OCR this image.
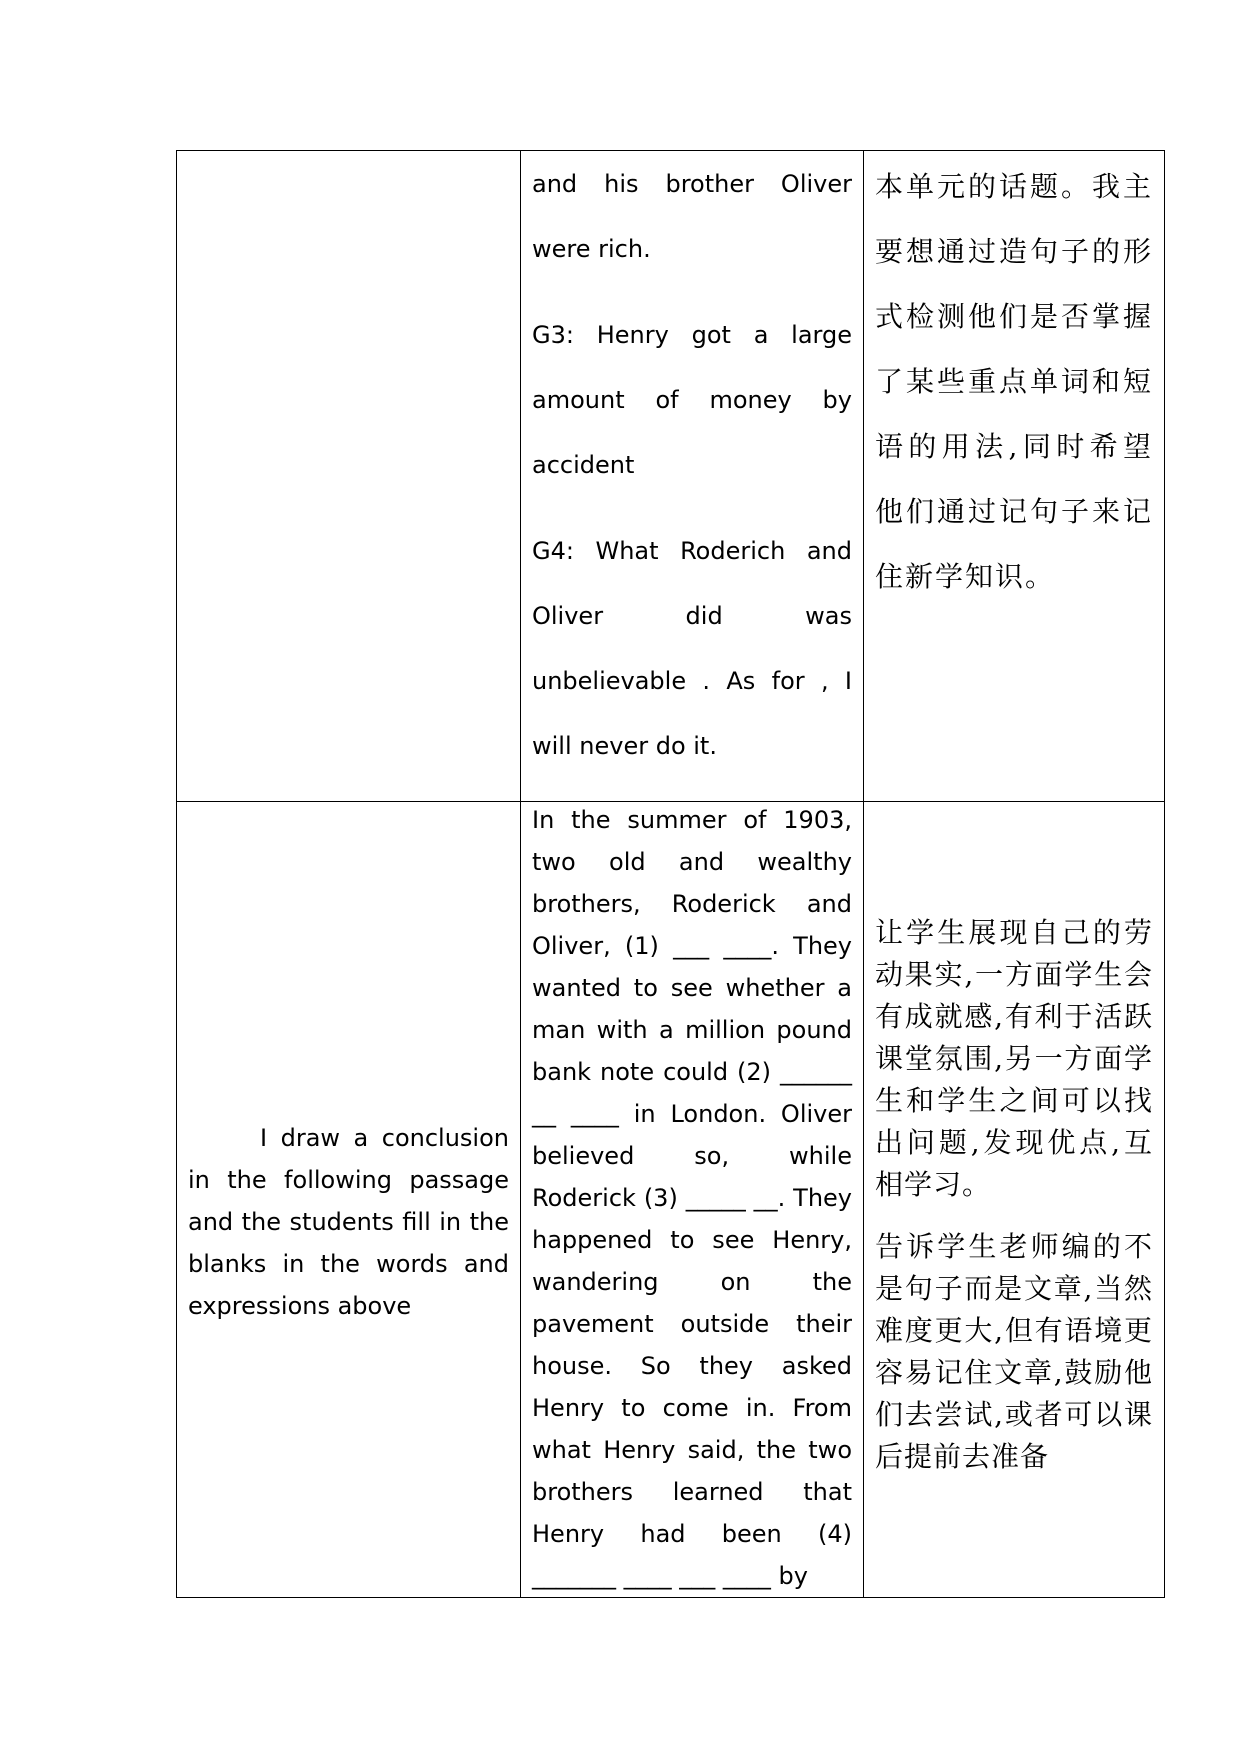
	and his brother Oliver were rich.

G3: Henry got a large amount of money by accident

G4: What Roderich and Oliver did was unbelievable . As for , I will never do it.	本单元的话题。我主要想通过造句子的形式检测他们是否掌握了某些重点单词和短语的用法,同时希望他们通过记句子来记住新学知识。

I draw a conclusion in the following passage and the students fill in the blanks in the words and expressions above	In the summer of 1903, two old and wealthy brothers, Roderick and Oliver, (1) ___ ____. They wanted to see whether a man with a million pound bank note could (2) ______ __ ____ in London. Oliver believed so, while Roderick (3) _____ __. They happened to see Henry, wandering on the pavement outside their house. So they asked Henry to come in. From what Henry said, the two brothers learned that Henry had been (4) _______ ____ ___ ____ by	让学生展现自己的劳动果实,一方面学生会有成就感,有利于活跃课堂氛围,另一方面学生和学生之间可以找出问题,发现优点,互相学习。

告诉学生老师编的不是句子而是文章,当然难度更大,但有语境更容易记住文章,鼓励他们去尝试,或者可以课后提前去准备
